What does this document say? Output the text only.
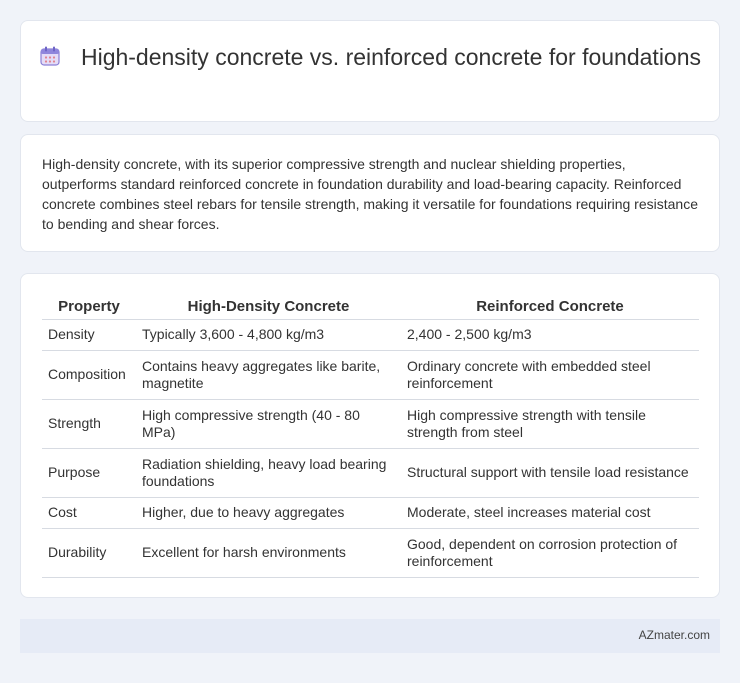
High-density concrete vs. reinforced concrete for foundations

High-density concrete, with its superior compressive strength and nuclear shielding properties, outperforms standard reinforced concrete in foundation durability and load-bearing capacity. Reinforced concrete combines steel rebars for tensile strength, making it versatile for foundations requiring resistance to bending and shear forces.

Property	High-Density Concrete	Reinforced Concrete
Density	Typically 3,600 - 4,800 kg/m3	2,400 - 2,500 kg/m3
Composition	Contains heavy aggregates like barite, magnetite	Ordinary concrete with embedded steel reinforcement
Strength	High compressive strength (40 - 80 MPa)	High compressive strength with tensile strength from steel
Purpose	Radiation shielding, heavy load bearing foundations	Structural support with tensile load resistance
Cost	Higher, due to heavy aggregates	Moderate, steel increases material cost
Durability	Excellent for harsh environments	Good, dependent on corrosion protection of reinforcement
AZmater.com
